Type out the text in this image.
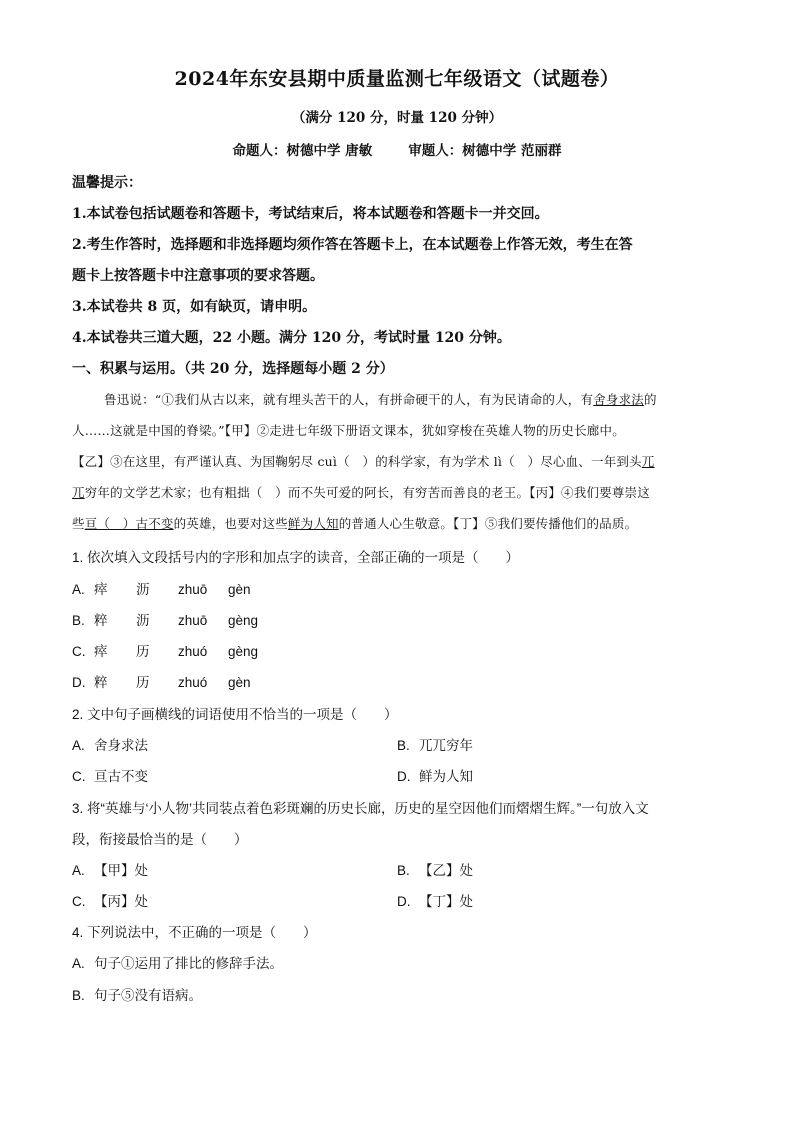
2024年东安县期中质量监测七年级语文（试题卷）
（满分 120 分，时量 120 分钟）
命题人：树德中学 唐敏	审题人：树德中学 范丽群
温馨提示：
1.本试卷包括试题卷和答题卡，考试结束后，将本试题卷和答题卡一并交回。
2.考生作答时，选择题和非选择题均须作答在答题卡上，在本试题卷上作答无效，考生在答
题卡上按答题卡中注意事项的要求答题。
3.本试卷共 8 页，如有缺页，请申明。
4.本试卷共三道大题，22 小题。满分 120 分，考试时量 120 分钟。
一、积累与运用。（共 20 分，选择题每小题 2 分）
鲁迅说：“①我们从古以来，就有埋头苦干的人，有拼命硬干的人，有为民请命的人，有舍身求法的
人……这就是中国的脊梁。”【甲】②走进七年级下册语文课本，犹如穿梭在英雄人物的历史长廊中。
【乙】③在这里，有严谨认真、为国鞠躬尽 cuì（　）的科学家，有为学术 lì（　）尽心血、一年到头兀
兀穷年的文学艺术家；也有粗拙（　）而不失可爱的阿长，有穷苦而善良的老王。【丙】④我们要尊崇这
些亘（　）古不变的英雄，也要对这些鲜为人知的普通人心生敬意。【丁】⑤我们要传播他们的品质。
1. 依次填入文段括号内的字形和加点字的读音，全部正确的一项是（　　）
A. 瘁 沥 zhuō gèn
B. 粹 沥 zhuō gèng
C. 瘁 历 zhuó gèng
D. 粹 历 zhuó gèn
2. 文中句子画横线的词语使用不恰当的一项是（　　）
A. 舍身求法	B. 兀兀穷年
C. 亘古不变	D. 鲜为人知
3. 将“英雄与‘小人物’共同装点着色彩斑斓的历史长廊，历史的星空因他们而熠熠生辉。”一句放入文
段，衔接最恰当的是（　　）
A. 【甲】处	B. 【乙】处
C. 【丙】处	D. 【丁】处
4. 下列说法中，不正确的一项是（　　）
A. 句子①运用了排比的修辞手法。
B. 句子⑤没有语病。
